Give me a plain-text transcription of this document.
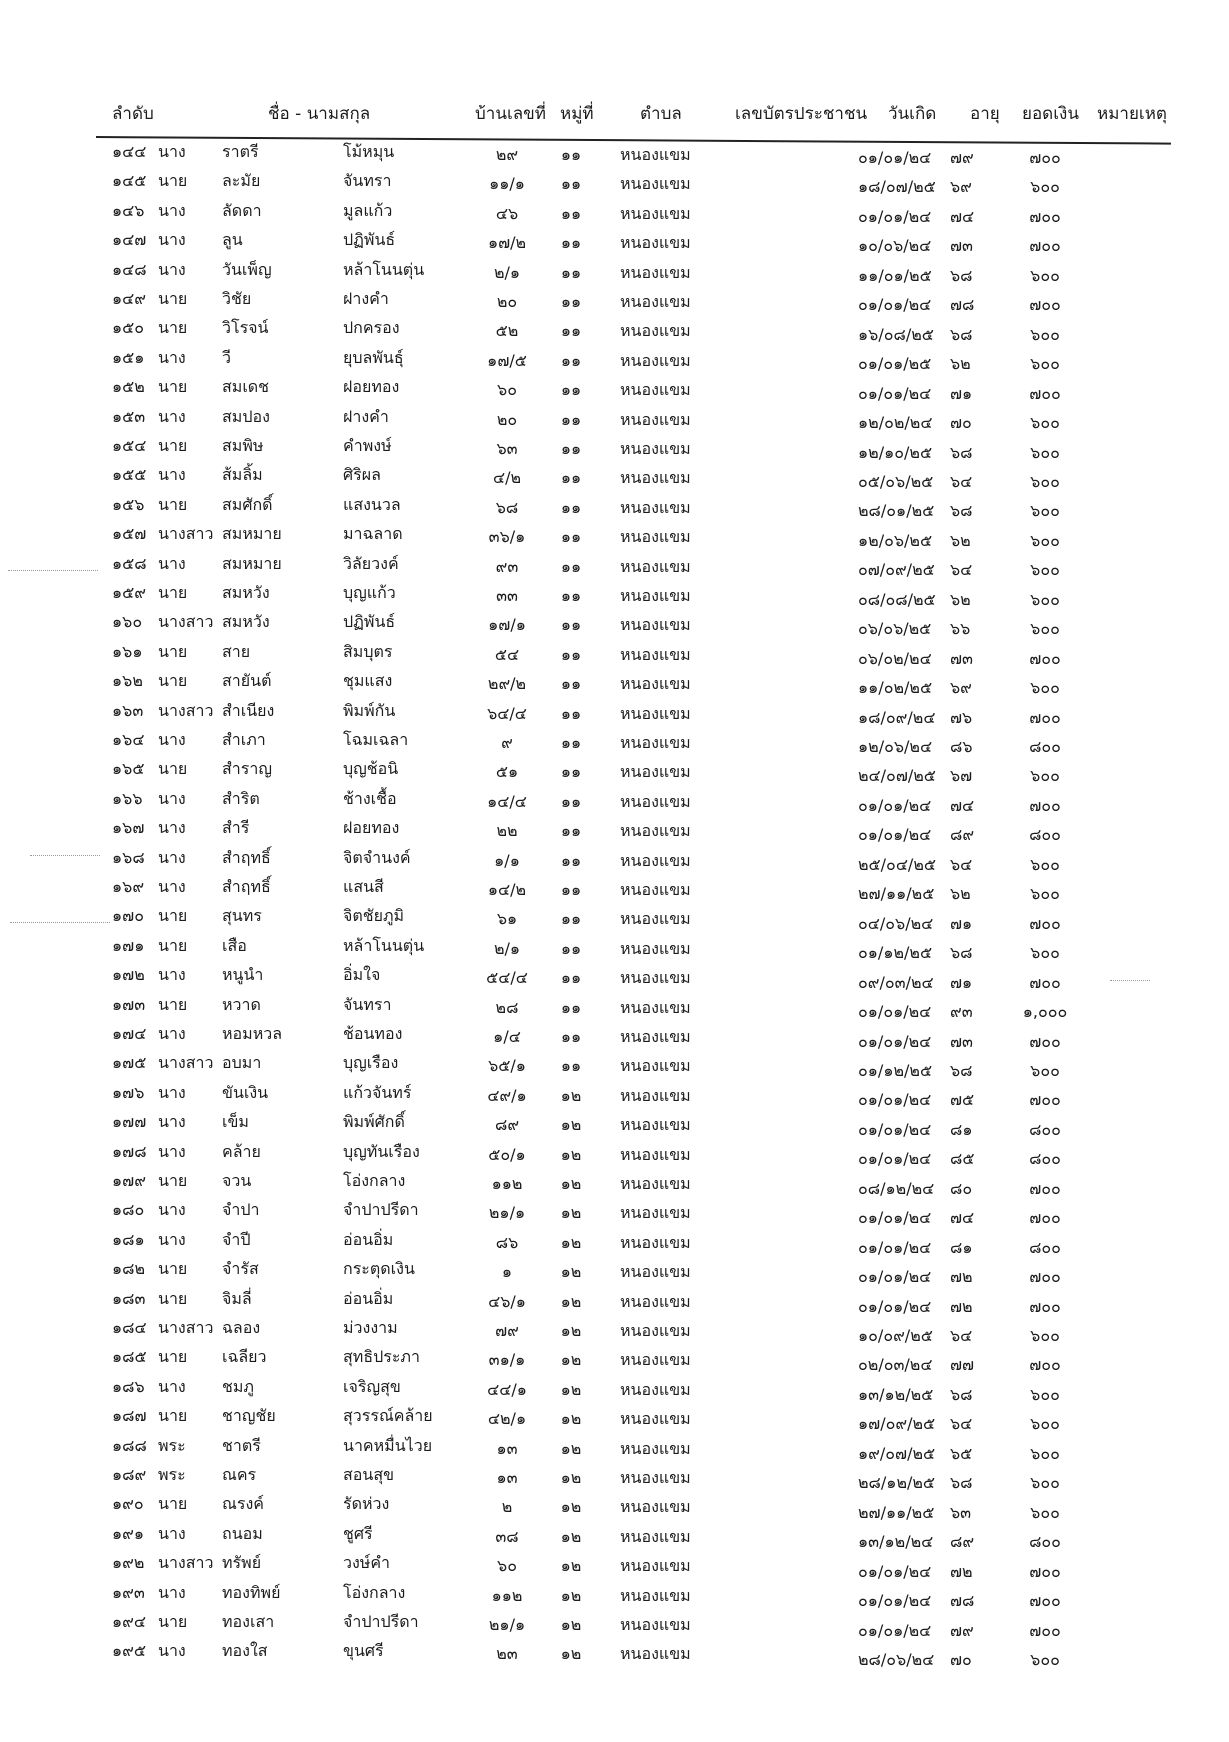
ลำดับ	ชื่อ - นามสกุล	บ้านเลขที่ หมู่ที่	ตำบล	เลขบัตรประชาชน วันเกิด อายุ ยอดเงิน หมายเหตุ
๑๔๔ นาง ราตรี	โม้หมุน	๒๙	๑๑	หนองแขม	๐๑/๐๑/๒๔ ๗๙	๗๐๐
๑๔๕ นาย ละมัย	จันทรา	๑๑/๑	๑๑	หนองแขม	๑๘/๐๗/๒๕ ๖๙	๖๐๐
๑๔๖ นาง ลัดดา	มูลแก้ว	๔๖	๑๑	หนองแขม	๐๑/๐๑/๒๔ ๗๔	๗๐๐
๑๔๗ นาง ลูน	ปฏิพันธ์	๑๗/๒	๑๑	หนองแขม	๑๐/๐๖/๒๔ ๗๓	๗๐๐
๑๔๘ นาง วันเพ็ญ	หล้าโนนตุ่น	๒/๑	๑๑	หนองแขม	๑๑/๐๑/๒๕ ๖๘	๖๐๐
๑๔๙ นาย วิชัย	ฝางคำ	๒๐	๑๑	หนองแขม	๐๑/๐๑/๒๔ ๗๘	๗๐๐
๑๕๐ นาย วิโรจน์	ปกครอง	๕๒	๑๑	หนองแขม	๑๖/๐๘/๒๕ ๖๘	๖๐๐
๑๕๑ นาง วี	ยุบลพันธุ์	๑๗/๕	๑๑	หนองแขม	๐๑/๐๑/๒๕ ๖๒	๖๐๐
๑๕๒ นาย สมเดช	ฝอยทอง	๖๐	๑๑	หนองแขม	๐๑/๐๑/๒๔ ๗๑	๗๐๐
๑๕๓ นาง สมปอง	ฝางคำ	๒๐	๑๑	หนองแขม	๑๒/๐๒/๒๔ ๗๐	๖๐๐
๑๕๔ นาย สมพิษ	คำพงษ์	๖๓	๑๑	หนองแขม	๑๒/๑๐/๒๕ ๖๘	๖๐๐
๑๕๕ นาง ส้มลิ้ม	ศิริผล	๔/๒	๑๑	หนองแขม	๐๕/๐๖/๒๕ ๖๔	๖๐๐
๑๕๖ นาย สมศักดิ์	แสงนวล	๖๘	๑๑	หนองแขม	๒๘/๐๑/๒๕ ๖๘	๖๐๐
๑๕๗ นางสาว สมหมาย	มาฉลาด	๓๖/๑	๑๑	หนองแขม	๑๒/๐๖/๒๕ ๖๒	๖๐๐
๑๕๘ นาง สมหมาย	วิลัยวงค์	๙๓	๑๑	หนองแขม	๐๗/๐๙/๒๕ ๖๔	๖๐๐
๑๕๙ นาย สมหวัง	บุญแก้ว	๓๓	๑๑	หนองแขม	๐๘/๐๘/๒๕ ๖๒	๖๐๐
๑๖๐ นางสาว สมหวัง	ปฏิพันธ์	๑๗/๑	๑๑	หนองแขม	๐๖/๐๖/๒๕ ๖๖	๖๐๐
๑๖๑ นาย สาย	สิมบุตร	๕๔	๑๑	หนองแขม	๐๖/๐๒/๒๔ ๗๓	๗๐๐
๑๖๒ นาย สายันต์	ชุมแสง	๒๙/๒	๑๑	หนองแขม	๑๑/๐๒/๒๕ ๖๙	๖๐๐
๑๖๓ นางสาว สำเนียง	พิมพ์กัน	๖๔/๔	๑๑	หนองแขม	๑๘/๐๙/๒๔ ๗๖	๗๐๐
๑๖๔ นาง สำเภา	โฉมเฉลา	๙	๑๑	หนองแขม	๑๒/๐๖/๒๔ ๘๖	๘๐๐
๑๖๕ นาย สำราญ	บุญช้อนิ	๕๑	๑๑	หนองแขม	๒๔/๐๗/๒๕ ๖๗	๖๐๐
๑๖๖ นาง สำริต	ช้างเชื้อ	๑๔/๔	๑๑	หนองแขม	๐๑/๐๑/๒๔ ๗๔	๗๐๐
๑๖๗ นาง สำรี	ฝอยทอง	๒๒	๑๑	หนองแขม	๐๑/๐๑/๒๔ ๘๙	๘๐๐
๑๖๘ นาง สำฤทธิ์	จิตจำนงค์	๑/๑	๑๑	หนองแขม	๒๕/๐๔/๒๕ ๖๔	๖๐๐
๑๖๙ นาง สำฤทธิ์	แสนสี	๑๔/๒	๑๑	หนองแขม	๒๗/๑๑/๒๕ ๖๒	๖๐๐
๑๗๐ นาย สุนทร	จิตชัยภูมิ	๖๑	๑๑	หนองแขม	๐๔/๐๖/๒๔ ๗๑	๗๐๐
๑๗๑ นาย เสือ	หล้าโนนตุ่น	๒/๑	๑๑	หนองแขม	๐๑/๑๒/๒๕ ๖๘	๖๐๐
๑๗๒ นาง หนูนำ	อิ่มใจ	๕๔/๔	๑๑	หนองแขม	๐๙/๐๓/๒๔ ๗๑	๗๐๐
๑๗๓ นาย หวาด	จันทรา	๒๘	๑๑	หนองแขม	๐๑/๐๑/๒๔ ๙๓	๑,๐๐๐
๑๗๔ นาง หอมหวล	ช้อนทอง	๑/๔	๑๑	หนองแขม	๐๑/๐๑/๒๔ ๗๓	๗๐๐
๑๗๕ นางสาว อบมา	บุญเรือง	๖๕/๑	๑๑	หนองแขม	๐๑/๑๒/๒๕ ๖๘	๖๐๐
๑๗๖ นาง ขันเงิน	แก้วจันทร์	๔๙/๑	๑๒	หนองแขม	๐๑/๐๑/๒๔ ๗๕	๗๐๐
๑๗๗ นาง เข็ม	พิมพ์ศักดิ์	๘๙	๑๒	หนองแขม	๐๑/๐๑/๒๔ ๘๑	๘๐๐
๑๗๘ นาง คล้าย	บุญทันเรือง	๕๐/๑	๑๒	หนองแขม	๐๑/๐๑/๒๔ ๘๕	๘๐๐
๑๗๙ นาย จวน	โอ่งกลาง	๑๑๒	๑๒	หนองแขม	๐๘/๑๒/๒๔ ๘๐	๗๐๐
๑๘๐ นาง จำปา	จำปาปรีดา	๒๑/๑	๑๒	หนองแขม	๐๑/๐๑/๒๔ ๗๔	๗๐๐
๑๘๑ นาง จำปี	อ่อนอิ่ม	๘๖	๑๒	หนองแขม	๐๑/๐๑/๒๔ ๘๑	๘๐๐
๑๘๒ นาย จำรัส	กระตุดเงิน	๑	๑๒	หนองแขม	๐๑/๐๑/๒๔ ๗๒	๗๐๐
๑๘๓ นาย จิมลี่	อ่อนอิ่ม	๔๖/๑	๑๒	หนองแขม	๐๑/๐๑/๒๔ ๗๒	๗๐๐
๑๘๔ นางสาว ฉลอง	ม่วงงาม	๗๙	๑๒	หนองแขม	๑๐/๐๙/๒๕ ๖๔	๖๐๐
๑๘๕ นาย เฉลียว	สุทธิประภา	๓๑/๑	๑๒	หนองแขม	๐๒/๐๓/๒๔ ๗๗	๗๐๐
๑๘๖ นาง ชมภู	เจริญสุข	๔๔/๑	๑๒	หนองแขม	๑๓/๑๒/๒๕ ๖๘	๖๐๐
๑๘๗ นาย ชาญชัย	สุวรรณ์คล้าย	๔๒/๑	๑๒	หนองแขม	๑๗/๐๙/๒๕ ๖๔	๖๐๐
๑๘๘ พระ ชาตรี	นาคหมื่นไวย	๑๓	๑๒	หนองแขม	๑๙/๐๗/๒๕ ๖๕	๖๐๐
๑๘๙ พระ ณคร	สอนสุข	๑๓	๑๒	หนองแขม	๒๘/๑๒/๒๕ ๖๘	๖๐๐
๑๙๐ นาย ณรงค์	รัดห่วง	๒	๑๒	หนองแขม	๒๗/๑๑/๒๕ ๖๓	๖๐๐
๑๙๑ นาง ถนอม	ชูศรี	๓๘	๑๒	หนองแขม	๑๓/๑๒/๒๔ ๘๙	๘๐๐
๑๙๒ นางสาว ทรัพย์	วงษ์คำ	๖๐	๑๒	หนองแขม	๐๑/๐๑/๒๔ ๗๒	๗๐๐
๑๙๓ นาง ทองทิพย์	โอ่งกลาง	๑๑๒	๑๒	หนองแขม	๐๑/๐๑/๒๔ ๗๘	๗๐๐
๑๙๔ นาย ทองเสา	จำปาปรีดา	๒๑/๑	๑๒	หนองแขม	๐๑/๐๑/๒๔ ๗๙	๗๐๐
๑๙๕ นาง ทองใส	ขุนศรี	๒๓	๑๒	หนองแขม	๒๘/๐๖/๒๔ ๗๐	๖๐๐
